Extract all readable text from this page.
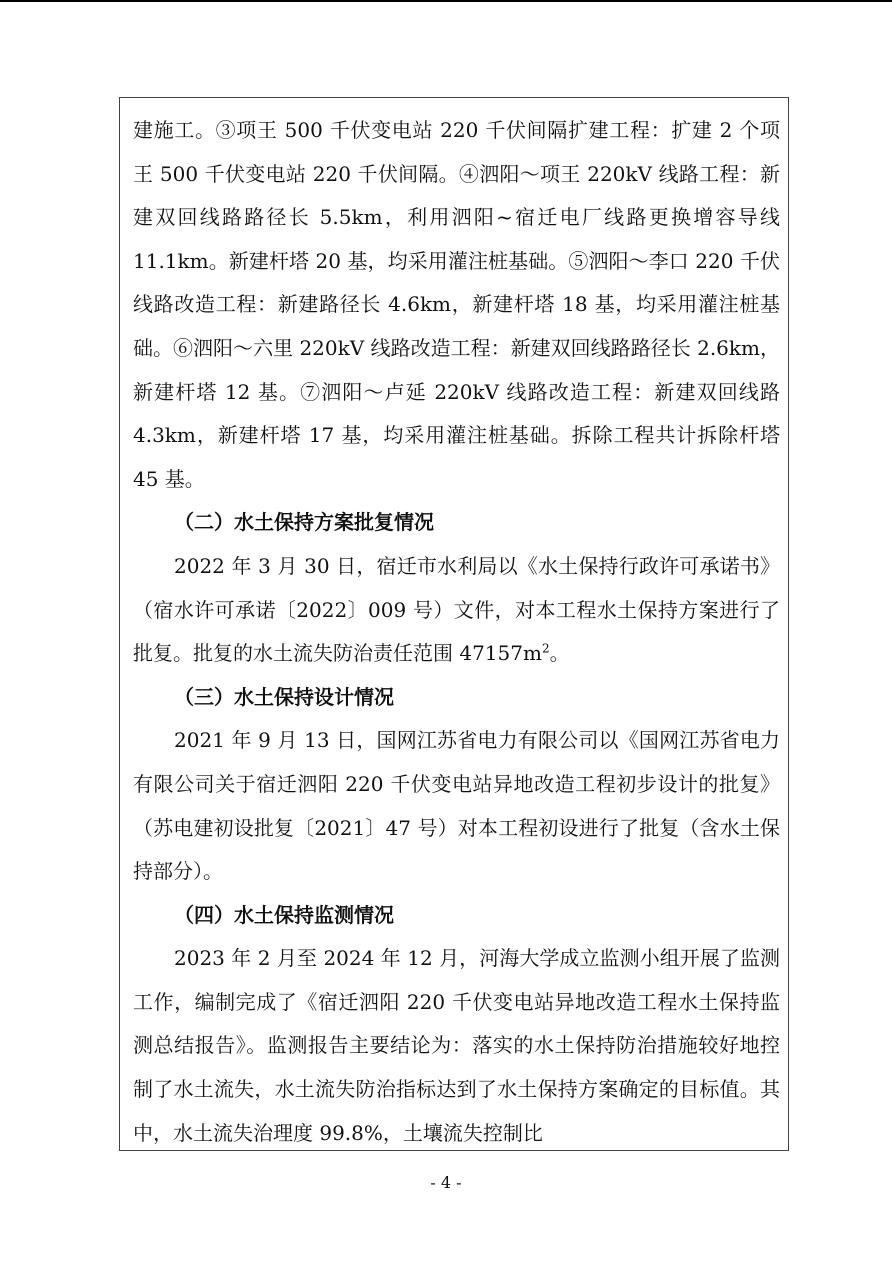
建施工。③项王 500 千伏变电站 220 千伏间隔扩建工程：扩建 2 个项王 500 千伏变电站 220 千伏间隔。④泗阳～项王 220kV 线路工程：新建双回线路路径长 5.5km，利用泗阳~宿迁电厂线路更换增容导线 11.1km。新建杆塔 20 基，均采用灌注桩基础。⑤泗阳～李口 220 千伏线路改造工程：新建路径长 4.6km，新建杆塔 18 基，均采用灌注桩基础。⑥泗阳～六里 220kV 线路改造工程：新建双回线路路径长 2.6km，新建杆塔 12 基。⑦泗阳～卢延 220kV 线路改造工程：新建双回线路 4.3km，新建杆塔 17 基，均采用灌注桩基础。拆除工程共计拆除杆塔 45 基。

（二）水土保持方案批复情况

2022 年 3 月 30 日，宿迁市水利局以《水土保持行政许可承诺书》（宿水许可承诺〔2022〕009 号）文件，对本工程水土保持方案进行了批复。批复的水土流失防治责任范围 $47157m^2$。

（三）水土保持设计情况

2021 年 9 月 13 日，国网江苏省电力有限公司以《国网江苏省电力有限公司关于宿迁泗阳 220 千伏变电站异地改造工程初步设计的批复》（苏电建初设批复〔2021〕47 号）对本工程初设进行了批复（含水土保持部分）。

（四）水土保持监测情况

2023 年 2 月至 2024 年 12 月，河海大学成立监测小组开展了监测工作，编制完成了《宿迁泗阳 220 千伏变电站异地改造工程水土保持监测总结报告》。监测报告主要结论为：落实的水土保持防治措施较好地控制了水土流失，水土流失防治指标达到了水土保持方案确定的目标值。其中，水土流失治理度 99.8%，土壤流失控制比

- 4 -
